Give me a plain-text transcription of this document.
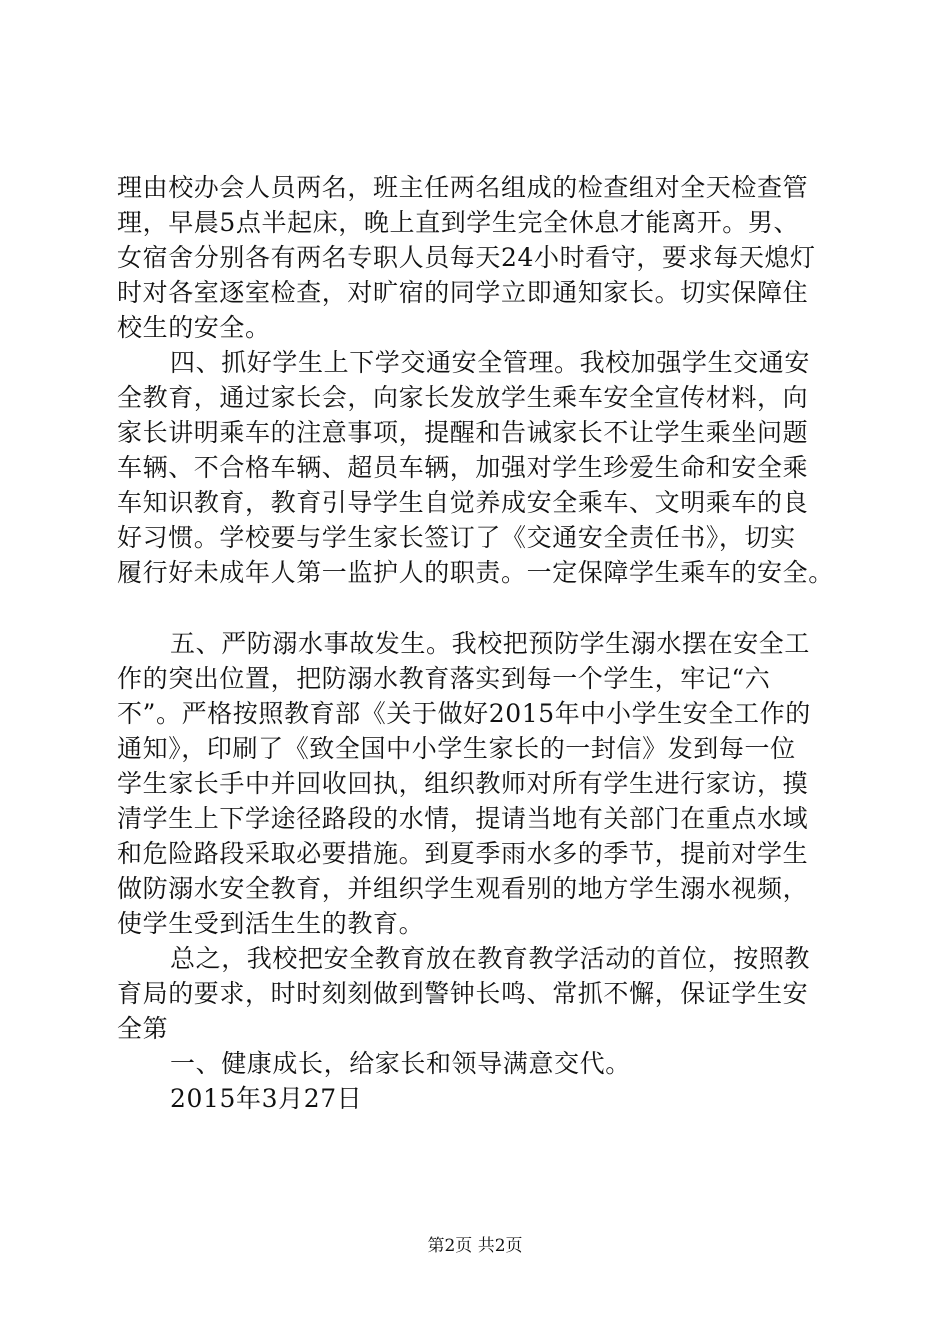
理由校办会人员两名，班主任两名组成的检查组对全天检查管
理，早晨5点半起床，晚上直到学生完全休息才能离开。男、
女宿舍分别各有两名专职人员每天24小时看守，要求每天熄灯
时对各室逐室检查，对旷宿的同学立即通知家长。切实保障住
校生的安全。
四、抓好学生上下学交通安全管理。我校加强学生交通安
全教育，通过家长会，向家长发放学生乘车安全宣传材料，向
家长讲明乘车的注意事项，提醒和告诫家长不让学生乘坐问题
车辆、不合格车辆、超员车辆，加强对学生珍爱生命和安全乘
车知识教育，教育引导学生自觉养成安全乘车、文明乘车的良
好习惯。学校要与学生家长签订了《交通安全责任书》，切实
履行好未成年人第一监护人的职责。一定保障学生乘车的安全。
五、严防溺水事故发生。我校把预防学生溺水摆在安全工
作的突出位置，把防溺水教育落实到每一个学生，牢记“六
不”。严格按照教育部《关于做好2015年中小学生安全工作的
通知》，印刷了《致全国中小学生家长的一封信》发到每一位
学生家长手中并回收回执，组织教师对所有学生进行家访，摸
清学生上下学途径路段的水情，提请当地有关部门在重点水域
和危险路段采取必要措施。到夏季雨水多的季节，提前对学生
做防溺水安全教育，并组织学生观看别的地方学生溺水视频，
使学生受到活生生的教育。
总之，我校把安全教育放在教育教学活动的首位，按照教
育局的要求，时时刻刻做到警钟长鸣、常抓不懈，保证学生安
全第
一、健康成长，给家长和领导满意交代。
2015年3月27日
第2页 共2页
